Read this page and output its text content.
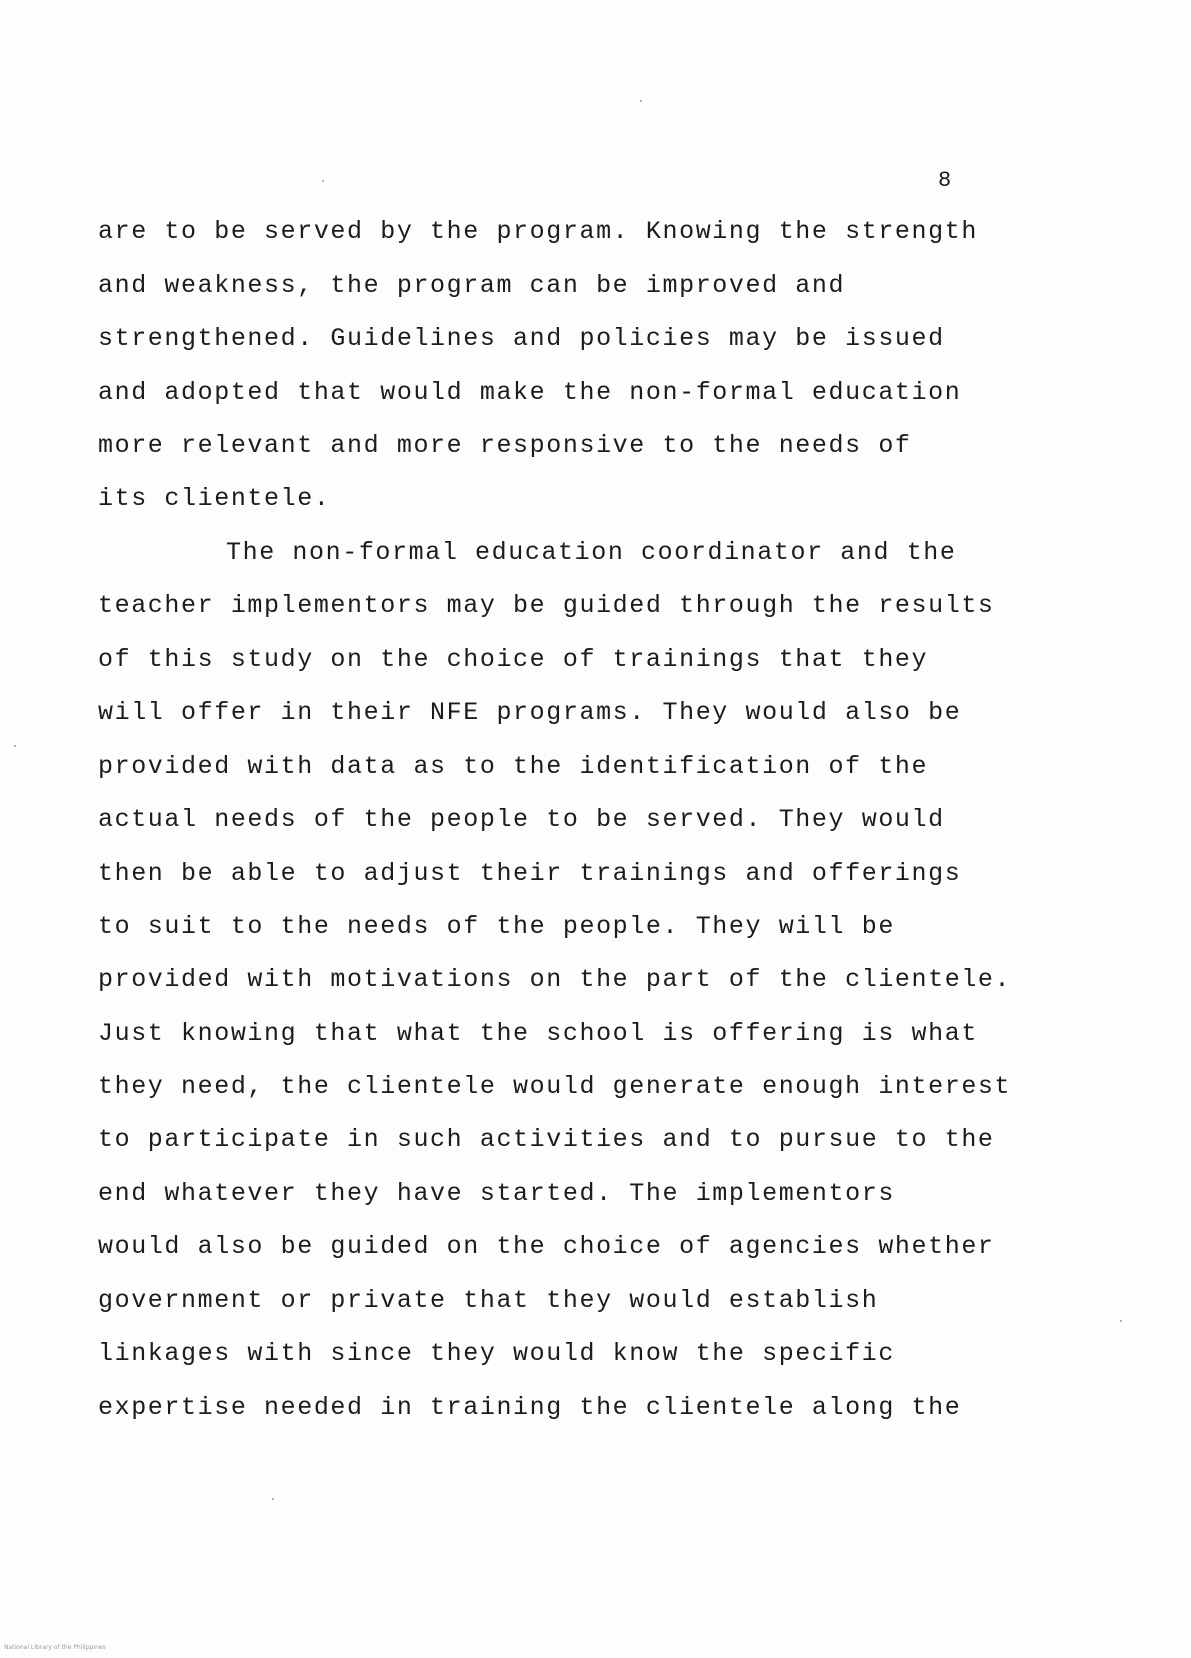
8
are to be served by the program. Knowing the strength
and weakness, the program can be improved and
strengthened. Guidelines and policies may be issued
and adopted that would make the non-formal education
more relevant and more responsive to the needs of
its clientele.
The non-formal education coordinator and the
teacher implementors may be guided through the results
of this study on the choice of trainings that they
will offer in their NFE programs. They would also be
provided with data as to the identification of the
actual needs of the people to be served. They would
then be able to adjust their trainings and offerings
to suit to the needs of the people. They will be
provided with motivations on the part of the clientele.
Just knowing that what the school is offering is what
they need, the clientele would generate enough interest
to participate in such activities and to pursue to the
end whatever they have started. The implementors
would also be guided on the choice of agencies whether
government or private that they would establish
linkages with since they would know the specific
expertise needed in training the clientele along the
National Library of the Philippines
